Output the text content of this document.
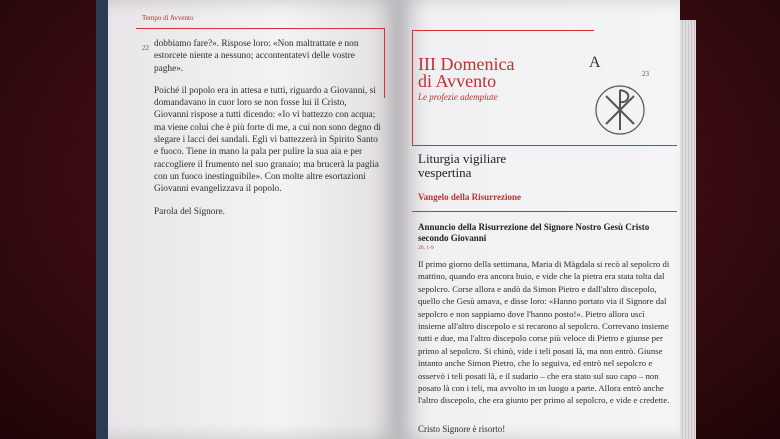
Tempo di Avvento
22 dobbiamo fare?». Rispose loro: «Non maltrattate e non estorcete niente a nessuno; accontentatevi delle vostre paghe».

Poiché il popolo era in attesa e tutti, riguardo a Giovanni, si domandavano in cuor loro se non fosse lui il Cristo, Giovanni rispose a tutti dicendo: «Io vi battezzo con acqua; ma viene colui che è più forte di me, a cui non sono degno di slegare i lacci dei sandali. Egli vi battezzerà in Spirito Santo e fuoco. Tiene in mano la pala per pulire la sua aia e per raccogliere il frumento nel suo granaio; ma brucerà la paglia con un fuoco inestinguibile». Con molte altre esortazioni Giovanni evangelizzava il popolo.

Parola del Signore.

III Domenica
di Avvento
Le profezie adempiute
A
23
Liturgia vigiliare
vespertina
Vangelo della Risurrezione
Annuncio della Risurrezione del Signore Nostro Gesù Cristo secondo Giovanni
20, 1-9
Il primo giorno della settimana, Maria di Màgdala si recò al sepolcro di mattino, quando era ancora buio, e vide che la pietra era stata tolta dal sepolcro. Corse allora e andò da Simon Pietro e dall'altro discepolo, quello che Gesù amava, e disse loro: «Hanno portato via il Signore dal sepolcro e non sappiamo dove l'hanno posto!». Pietro allora uscì insieme all'altro discepolo e si recarono al sepolcro. Correvano insieme tutti e due, ma l'altro discepolo corse più veloce di Pietro e giunse per primo al sepolcro. Si chinò, vide i teli posati là, ma non entrò. Giunse intanto anche Simon Pietro, che lo seguiva, ed entrò nel sepolcro e osservò i teli posati là, e il sudario – che era stato sul suo capo – non posato là con i teli, ma avvolto in un luogo a parte. Allora entrò anche l'altro discepolo, che era giunto per primo al sepolcro, e vide e credette.
Cristo Signore è risorto!
